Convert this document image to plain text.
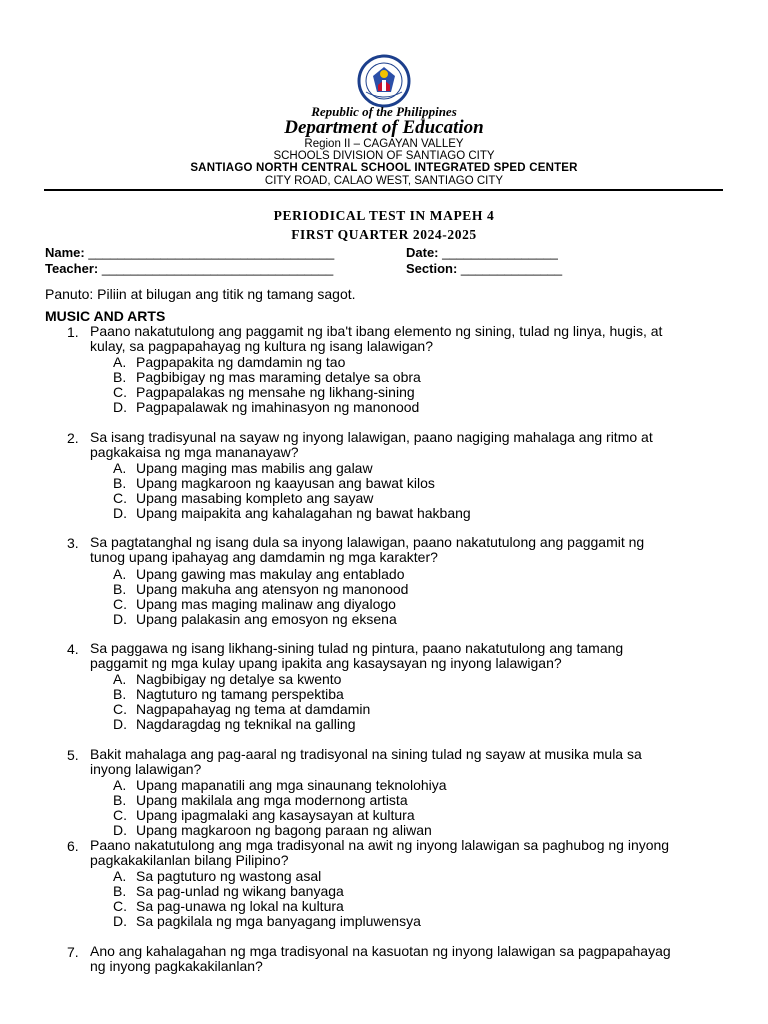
Republic of the Philippines
Department of Education
Region II – CAGAYAN VALLEY
SCHOOLS DIVISION OF SANTIAGO CITY
SANTIAGO NORTH CENTRAL SCHOOL INTEGRATED SPED CENTER
CITY ROAD, CALAO WEST, SANTIAGO CITY
PERIODICAL TEST IN MAPEH 4
FIRST QUARTER 2024-2025
Name: __________________________________	Date: ________________
Teacher: ________________________________	Section: ______________
Panuto: Piliin at bilugan ang titik ng tamang sagot.
MUSIC AND ARTS
1. Paano nakatutulong ang paggamit ng iba't ibang elemento ng sining, tulad ng linya, hugis, at
kulay, sa pagpapahayag ng kultura ng isang lalawigan?
A. Pagpapakita ng damdamin ng tao
B. Pagbibigay ng mas maraming detalye sa obra
C. Pagpapalakas ng mensahe ng likhang-sining
D. Pagpapalawak ng imahinasyon ng manonood
2. Sa isang tradisyunal na sayaw ng inyong lalawigan, paano nagiging mahalaga ang ritmo at
pagkakaisa ng mga mananayaw?
A. Upang maging mas mabilis ang galaw
B. Upang magkaroon ng kaayusan ang bawat kilos
C. Upang masabing kompleto ang sayaw
D. Upang maipakita ang kahalagahan ng bawat hakbang
3. Sa pagtatanghal ng isang dula sa inyong lalawigan, paano nakatutulong ang paggamit ng
tunog upang ipahayag ang damdamin ng mga karakter?
A. Upang gawing mas makulay ang entablado
B. Upang makuha ang atensyon ng manonood
C. Upang mas maging malinaw ang diyalogo
D. Upang palakasin ang emosyon ng eksena
4. Sa paggawa ng isang likhang-sining tulad ng pintura, paano nakatutulong ang tamang
paggamit ng mga kulay upang ipakita ang kasaysayan ng inyong lalawigan?
A. Nagbibigay ng detalye sa kwento
B. Nagtuturo ng tamang perspektiba
C. Nagpapahayag ng tema at damdamin
D. Nagdaragdag ng teknikal na galling
5. Bakit mahalaga ang pag-aaral ng tradisyonal na sining tulad ng sayaw at musika mula sa
inyong lalawigan?
A. Upang mapanatili ang mga sinaunang teknolohiya
B. Upang makilala ang mga modernong artista
C. Upang ipagmalaki ang kasaysayan at kultura
D. Upang magkaroon ng bagong paraan ng aliwan
6. Paano nakatutulong ang mga tradisyonal na awit ng inyong lalawigan sa paghubog ng inyong
pagkakakilanlan bilang Pilipino?
A. Sa pagtuturo ng wastong asal
B. Sa pag-unlad ng wikang banyaga
C. Sa pag-unawa ng lokal na kultura
D. Sa pagkilala ng mga banyagang impluwensya
7. Ano ang kahalagahan ng mga tradisyonal na kasuotan ng inyong lalawigan sa pagpapahayag
ng inyong pagkakakilanlan?
